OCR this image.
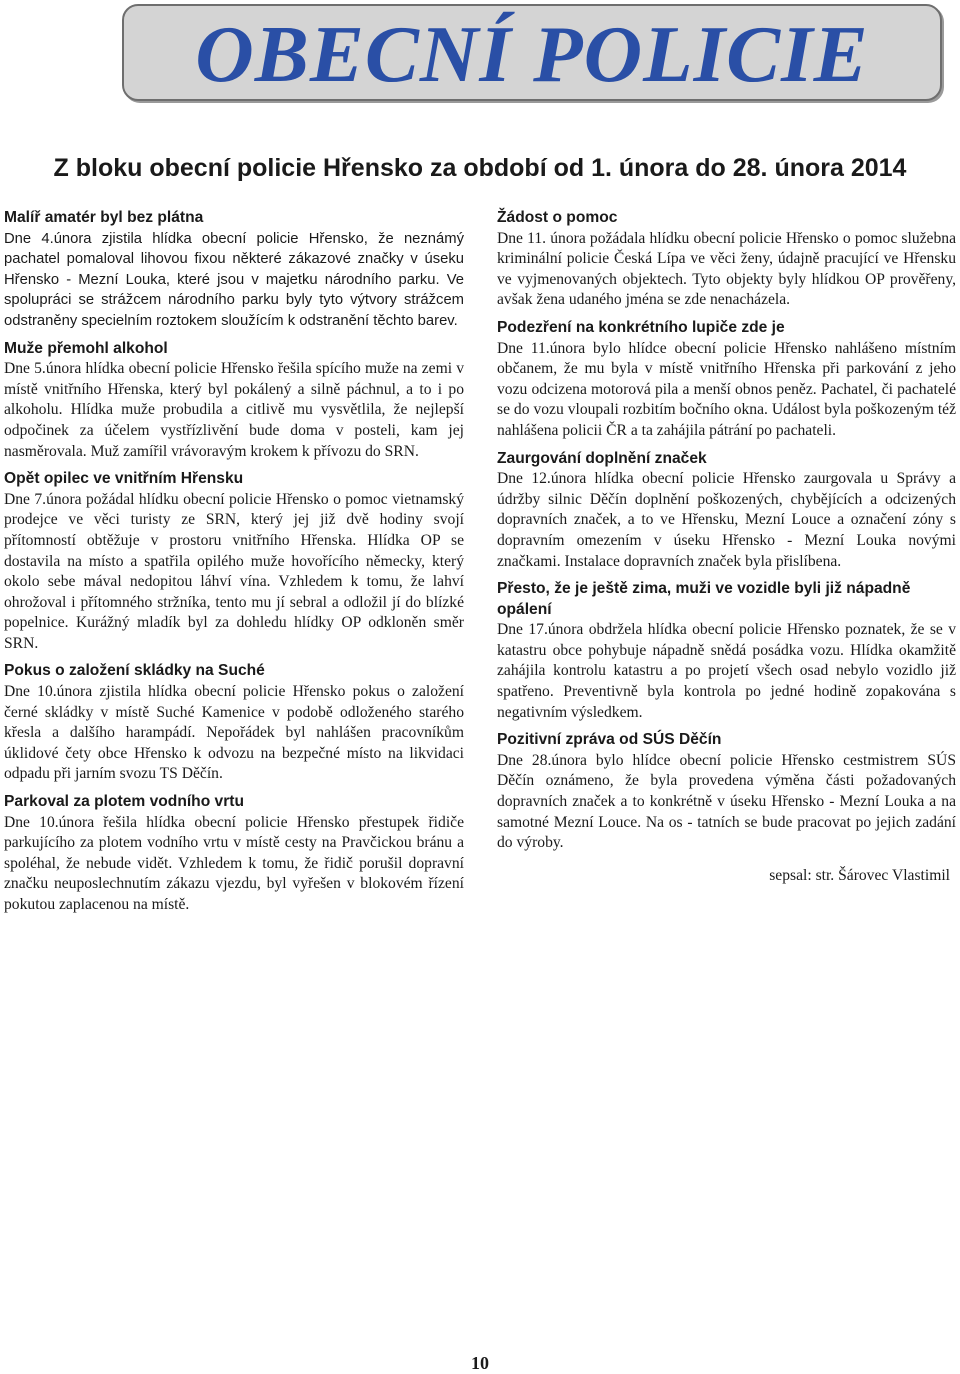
OBECNÍ POLICIE
Z bloku obecní policie Hřensko za období od 1. února do 28. února 2014
Malíř amatér byl bez plátna

Dne 4.února zjistila hlídka obecní policie Hřensko, že neznámý pachatel pomaloval lihovou fixou některé zákazové značky v úseku Hřensko - Mezní Louka, které jsou v majetku národního parku. Ve spolupráci se strážcem národního parku byly tyto výtvory strážcem odstraněny specielním roztokem sloužícím k odstranění těchto barev.

Muže přemohl alkohol

Dne 5.února hlídka obecní policie Hřensko řešila spícího muže na zemi v místě vnitřního Hřenska, který byl pokálený a silně páchnul, a to i po alkoholu. Hlídka muže probudila a citlivě mu vysvětlila, že nejlepší odpočinek za účelem vystřízlivění bude doma v posteli, kam jej nasměrovala. Muž zamířil vrávoravým krokem k přívozu do SRN.

Opět opilec ve vnitřním Hřensku

Dne 7.února požádal hlídku obecní policie Hřensko o pomoc vietnamský prodejce ve věci turisty ze SRN, který jej již dvě hodiny svojí přítomností obtěžuje v prostoru vnitřního Hřenska. Hlídka OP se dostavila na místo a spatřila opilého muže hovořícího německy, který okolo sebe mával nedopitou láhví vína. Vzhledem k tomu, že lahví ohrožoval i přítomného stržníka, tento mu jí sebral a odložil jí do blízké popelnice. Kurážný mladík byl za dohledu hlídky OP odkloněn směr SRN.

Pokus o založení skládky na Suché

Dne 10.února zjistila hlídka obecní policie Hřensko pokus o založení černé skládky v místě Suché Kamenice v podobě odloženého starého křesla a dalšího harampádí. Nepořádek byl nahlášen pracovníkům úklidové čety obce Hřensko k odvozu na bezpečné místo na likvidaci odpadu při jarním svozu TS Děčín.

Parkoval za plotem vodního vrtu

Dne 10.února řešila hlídka obecní policie Hřensko přestupek řidiče parkujícího za plotem vodního vrtu v místě cesty na Pravčickou bránu a spoléhal, že nebude vidět. Vzhledem k tomu, že řidič porušil dopravní značku neuposlechnutím zákazu vjezdu, byl vyřešen v blokovém řízení pokutou zaplacenou na místě.

Žádost o pomoc

Dne 11. února požádala hlídku obecní policie Hřensko o pomoc služebna kriminální policie Česká Lípa ve věci ženy, údajně pracující ve Hřensku ve vyjmenovaných objektech. Tyto objekty byly hlídkou OP prověřeny, avšak žena udaného jména se zde nenacházela.

Podezření na konkrétního lupiče zde je

Dne 11.února bylo hlídce obecní policie Hřensko nahlášeno místním občanem, že mu byla v místě vnitřního Hřenska při parkování z jeho vozu odcizena motorová pila a menší obnos peněz. Pachatel, či pachatelé se do vozu vloupali rozbitím bočního okna. Událost byla poškozeným též nahlášena policii ČR a ta zahájila pátrání po pachateli.

Zaurgování doplnění značek

Dne 12.února hlídka obecní policie Hřensko zaurgovala u Správy a údržby silnic Děčín doplnění poškozených, chybějících a odcizených dopravních značek, a to ve Hřensku, Mezní Louce a označení zóny s dopravním omezením v úseku Hřensko - Mezní Louka novými značkami. Instalace dopravních značek byla přislíbena.

Přesto, že je ještě zima, muži ve vozidle byli již nápadně opálení

Dne 17.února obdržela hlídka obecní policie Hřensko poznatek, že se v katastru obce pohybuje nápadně snědá posádka vozu. Hlídka okamžitě zahájila kontrolu katastru a po projetí všech osad nebylo vozidlo již spatřeno. Preventivně byla kontrola po jedné hodině zopakována s negativním výsledkem.

Pozitivní zpráva od SÚS Děčín

Dne 28.února bylo hlídce obecní policie Hřensko cestmistrem SÚS Děčín oznámeno, že byla provedena výměna části požadovaných dopravních značek a to konkrétně v úseku Hřensko - Mezní Louka a na samotné Mezní Louce. Na os - tatních se bude pracovat po jejich zadání do výroby.

sepsal: str. Šárovec Vlastimil
10
